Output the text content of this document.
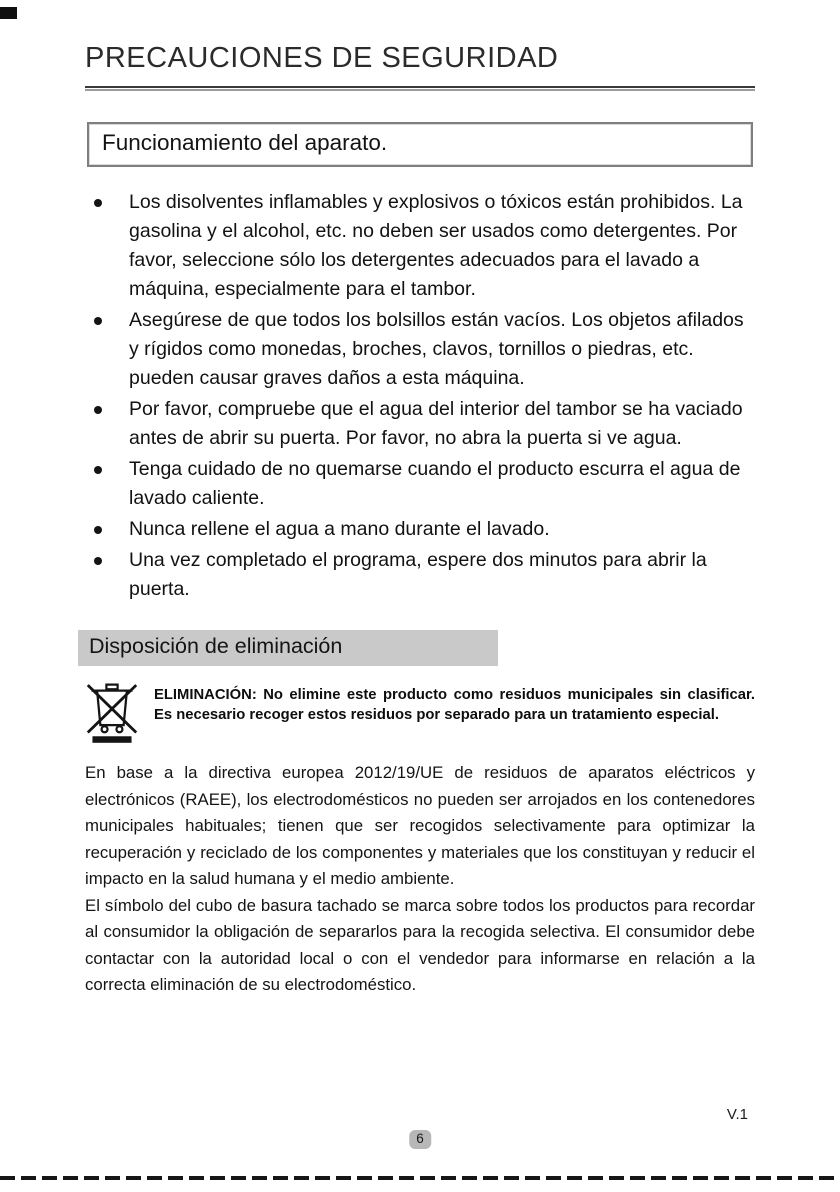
PRECAUCIONES DE SEGURIDAD
Funcionamiento del aparato.
Los disolventes inflamables y explosivos o tóxicos están prohibidos. La gasolina y el alcohol, etc. no deben ser usados como detergentes. Por favor, seleccione sólo los detergentes adecuados para el lavado a máquina, especialmente para el tambor.
Asegúrese de que todos los bolsillos están vacíos. Los objetos afilados y rígidos como monedas, broches, clavos, tornillos o piedras, etc. pueden causar graves daños a esta máquina.
Por favor, compruebe que el agua del interior del tambor se ha vaciado antes de abrir su puerta. Por favor, no abra la puerta si ve agua.
Tenga cuidado de no quemarse cuando el producto escurra el agua de lavado caliente.
Nunca rellene el agua a mano durante el lavado.
Una vez completado el programa, espere dos minutos para abrir la puerta.
Disposición de eliminación

ELIMINACIÓN: No elimine este producto como residuos municipales sin clasificar. Es necesario recoger estos residuos por separado para un tratamiento especial.

En base a la directiva europea 2012/19/UE de residuos de aparatos eléctricos y electrónicos (RAEE), los electrodomésticos no pueden ser arrojados en los contenedores municipales habituales; tienen que ser recogidos selectivamente para optimizar la recuperación y reciclado de los componentes y materiales que los constituyan y reducir el impacto en la salud humana y el medio ambiente.

El símbolo del cubo de basura tachado se marca sobre todos los productos para recordar al consumidor la obligación de separarlos para la recogida selectiva. El consumidor debe contactar con la autoridad local o con el vendedor para informarse en relación a la correcta eliminación de su electrodoméstico.

V.1
6
